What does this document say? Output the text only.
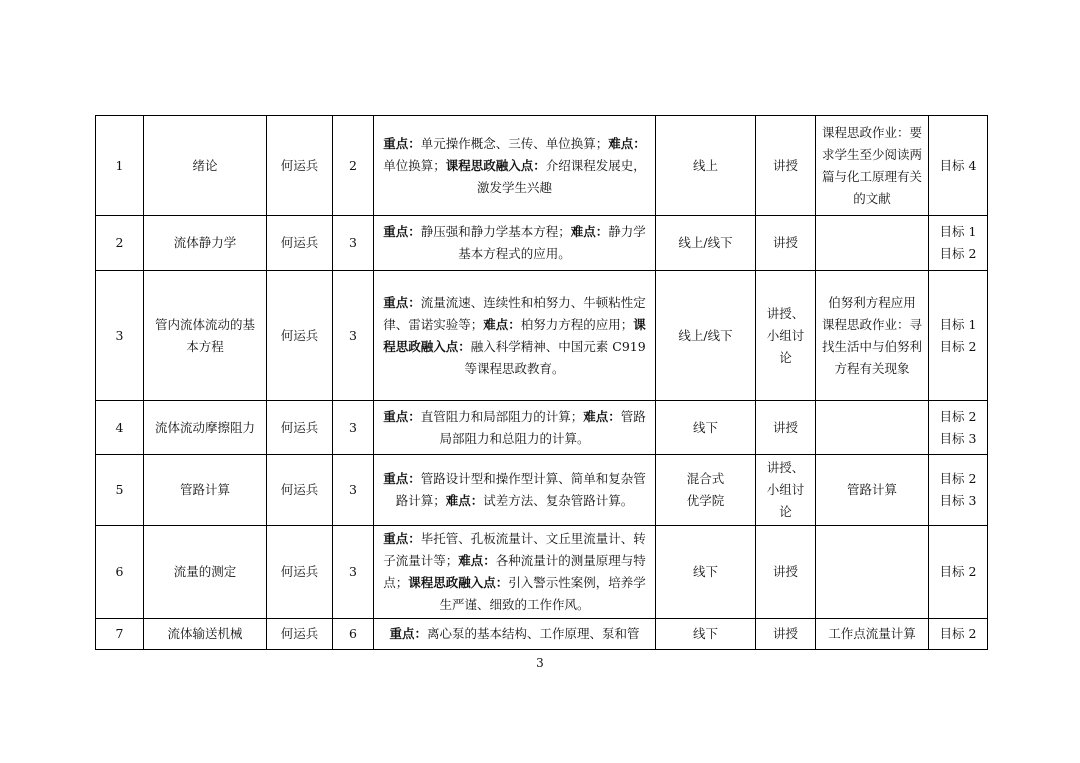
1	绪论	何运兵	2	重点：单元操作概念、三传、单位换算；难点：单位换算；课程思政融入点：介绍课程发展史，激发学生兴趣	线上	讲授	课程思政作业：要求学生至少阅读两篇与化工原理有关的文献	目标 4

2	流体静力学	何运兵	3	重点：静压强和静力学基本方程；难点：静力学基本方程式的应用。	线上/线下	讲授		目标 1
目标 2

3	管内流体流动的基本方程	何运兵	3	重点：流量流速、连续性和柏努力、牛顿粘性定律、雷诺实验等；难点：柏努力方程的应用；课程思政融入点：融入科学精神、中国元素 C919 等课程思政教育。	线上/线下	讲授、小组讨论	伯努利方程应用
课程思政作业：寻找生活中与伯努利方程有关现象	目标 1
目标 2

4	流体流动摩擦阻力	何运兵	3	重点：直管阻力和局部阻力的计算；难点：管路局部阻力和总阻力的计算。	线下	讲授		目标 2
目标 3

5	管路计算	何运兵	3	重点：管路设计型和操作型计算、简单和复杂管路计算；难点：试差方法、复杂管路计算。	混合式
优学院	讲授、小组讨论	管路计算	目标 2
目标 3

6	流量的测定	何运兵	3	重点：毕托管、孔板流量计、文丘里流量计、转子流量计等；难点：各种流量计的测量原理与特点；课程思政融入点：引入警示性案例，培养学生严谨、细致的工作作风。	线下	讲授		目标 2

7	流体输送机械	何运兵	6	重点：离心泵的基本结构、工作原理、泵和管	线下	讲授	工作点流量计算	目标 2
3
